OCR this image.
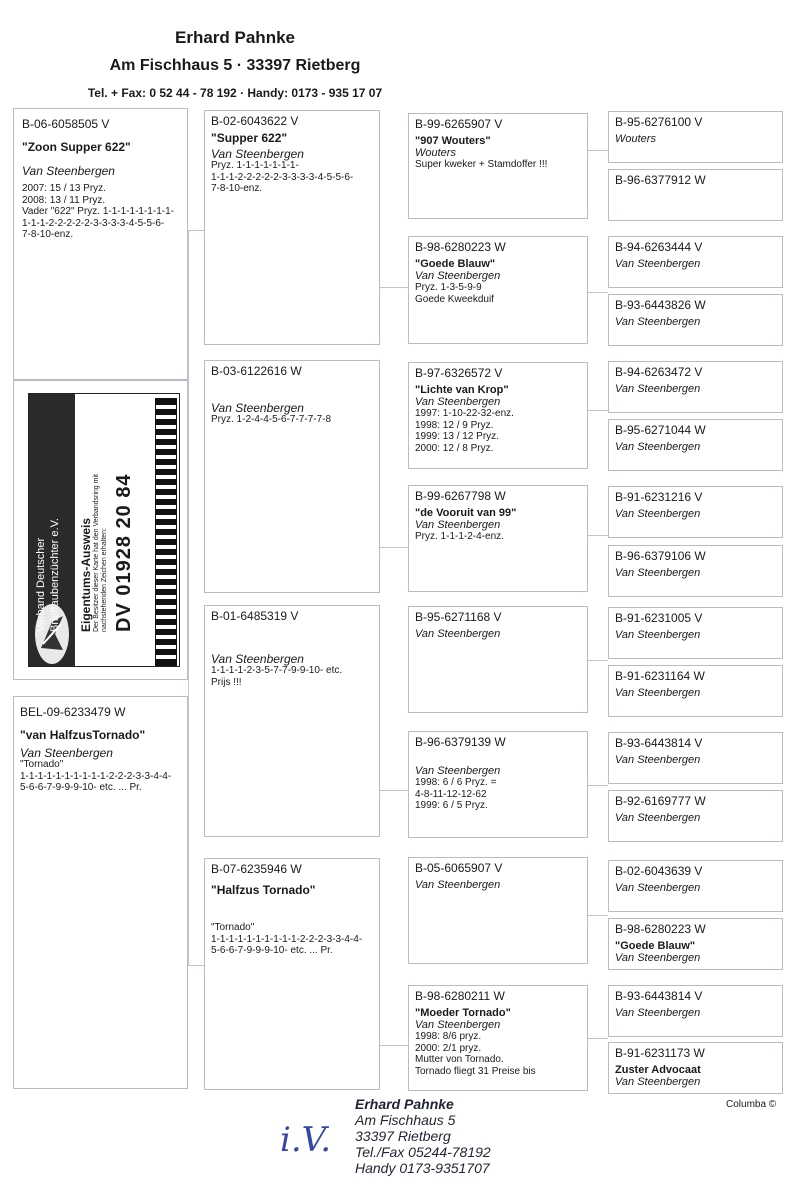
Erhard Pahnke
Am Fischhaus 5 · 33397 Rietberg
Tel. + Fax: 0 52 44 - 78 192 · Handy: 0173 - 935 17 07
B-06-6058505 V
"Zoon Supper 622"
Van Steenbergen
2007: 15 / 13 Pryz.
2008: 13 / 11 Pryz.
Vader "622" Pryz. 1-1-1-1-1-1-1-1-
1-1-1-2-2-2-2-2-3-3-3-3-4-5-5-6-
7-8-10-enz.
Verband Deutscher
Brieftaubenzüchter e.V. Eigentums-Ausweis Der Besitzer dieser Karte hat den Verbandsring mit nachstehenden Zeichen erhalten: DV 01928 20 84
BEL-09-6233479 W
"van HalfzusTornado"
Van Steenbergen
"Tornado"
1-1-1-1-1-1-1-1-1-1-2-2-2-3-3-4-4-
5-6-6-7-9-9-9-10- etc. ... Pr.
B-02-6043622 V
"Supper 622"
Van Steenbergen
Pryz. 1-1-1-1-1-1-1-
1-1-1-2-2-2-2-2-3-3-3-3-4-5-5-6-
7-8-10-enz.
B-03-6122616 W
Van Steenbergen
Pryz. 1-2-4-4-5-6-7-7-7-7-8
B-01-6485319 V
Van Steenbergen
1-1-1-1-2-3-5-7-7-9-9-10- etc.
Prijs !!!
B-07-6235946 W
"Halfzus Tornado"
"Tornado"
1-1-1-1-1-1-1-1-1-1-2-2-2-3-3-4-4-
5-6-6-7-9-9-9-10- etc. ... Pr.
B-99-6265907 V
"907 Wouters"
Wouters
Super kweker + Stamdoffer !!!
B-98-6280223 W
"Goede Blauw"
Van Steenbergen
Pryz. 1-3-5-9-9
Goede Kweekduif
B-97-6326572 V
"Lichte van Krop"
Van Steenbergen
1997: 1-10-22-32-enz.
1998: 12 / 9 Pryz.
1999: 13 / 12 Pryz.
2000: 12 / 8 Pryz.
B-99-6267798 W
"de Vooruit van 99"
Van Steenbergen
Pryz. 1-1-1-2-4-enz.
B-95-6271168 V
Van Steenbergen
B-96-6379139 W
Van Steenbergen
1998: 6 / 6 Pryz. =
4-8-11-12-12-62
1999: 6 / 5 Pryz.
B-05-6065907 V
Van Steenbergen
B-98-6280211 W
"Moeder Tornado"
Van Steenbergen
1998: 8/6 pryz.
2000: 2/1 pryz.
Mutter von Tornado.
Tornado fliegt 31 Preise bis
B-95-6276100 V
Wouters
B-96-6377912 W
B-94-6263444 V
Van Steenbergen
B-93-6443826 W
Van Steenbergen
B-94-6263472 V
Van Steenbergen
B-95-6271044 W
Van Steenbergen
B-91-6231216 V
Van Steenbergen
B-96-6379106 W
Van Steenbergen
B-91-6231005 V
Van Steenbergen
B-91-6231164 W
Van Steenbergen
B-93-6443814 V
Van Steenbergen
B-92-6169777 W
Van Steenbergen
B-02-6043639 V
Van Steenbergen
B-98-6280223 W
"Goede Blauw"
Van Steenbergen
B-93-6443814 V
Van Steenbergen
B-91-6231173 W
Zuster Advocaat
Van Steenbergen
i.V.
Erhard Pahnke
Am Fischhaus 5
33397 Rietberg
Tel./Fax 05244-78192
Handy 0173-9351707
Columba ©
